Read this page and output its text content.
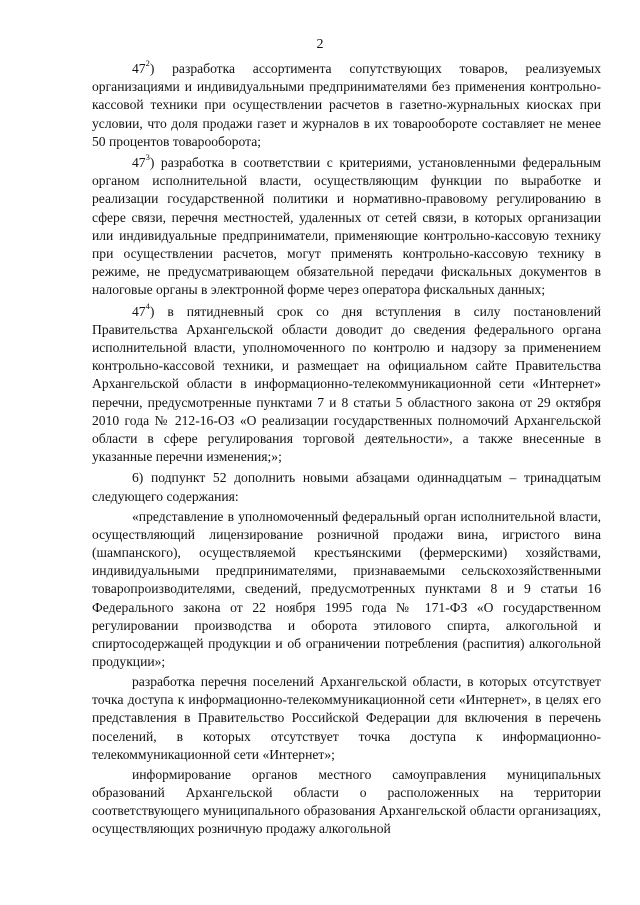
2

$47^2$) разработка ассортимента сопутствующих товаров, реализуемых организациями и индивидуальными предпринимателями без применения контрольно-кассовой техники при осуществлении расчетов в газетно-журнальных киосках при условии, что доля продажи газет и журналов в их товарообороте составляет не менее 50 процентов товарооборота;

$47^3$) разработка в соответствии с критериями, установленными федеральным органом исполнительной власти, осуществляющим функции по выработке и реализации государственной политики и нормативно-правовому регулированию в сфере связи, перечня местностей, удаленных от сетей связи, в которых организации или индивидуальные предприниматели, применяющие контрольно-кассовую технику при осуществлении расчетов, могут применять контрольно-кассовую технику в режиме, не предусматривающем обязательной передачи фискальных документов в налоговые органы в электронной форме через оператора фискальных данных;

$47^4$) в пятидневный срок со дня вступления в силу постановлений Правительства Архангельской области доводит до сведения федерального органа исполнительной власти, уполномоченного по контролю и надзору за применением контрольно-кассовой техники, и размещает на официальном сайте Правительства Архангельской области в информационно-телекоммуникационной сети «Интернет» перечни, предусмотренные пунктами 7 и 8 статьи 5 областного закона от 29 октября 2010 года № 212-16-ОЗ «О реализации государственных полномочий Архангельской области в сфере регулирования торговой деятельности», а также внесенные в указанные перечни изменения;»;

6) подпункт 52 дополнить новыми абзацами одиннадцатым – тринадцатым следующего содержания:

«представление в уполномоченный федеральный орган исполнительной власти, осуществляющий лицензирование розничной продажи вина, игристого вина (шампанского), осуществляемой крестьянскими (фермерскими) хозяйствами, индивидуальными предпринимателями, признаваемыми сельскохозяйственными товаропроизводителями, сведений, предусмотренных пунктами 8 и 9 статьи 16 Федерального закона от 22 ноября 1995 года № 171-ФЗ «О государственном регулировании производства и оборота этилового спирта, алкогольной и спиртосодержащей продукции и об ограничении потребления (распития) алкогольной продукции»;

разработка перечня поселений Архангельской области, в которых отсутствует точка доступа к информационно-телекоммуникационной сети «Интернет», в целях его представления в Правительство Российской Федерации для включения в перечень поселений, в которых отсутствует точка доступа к информационно-телекоммуникационной сети «Интернет»;

информирование органов местного самоуправления муниципальных образований Архангельской области о расположенных на территории соответствующего муниципального образования Архангельской области организациях, осуществляющих розничную продажу алкогольной
